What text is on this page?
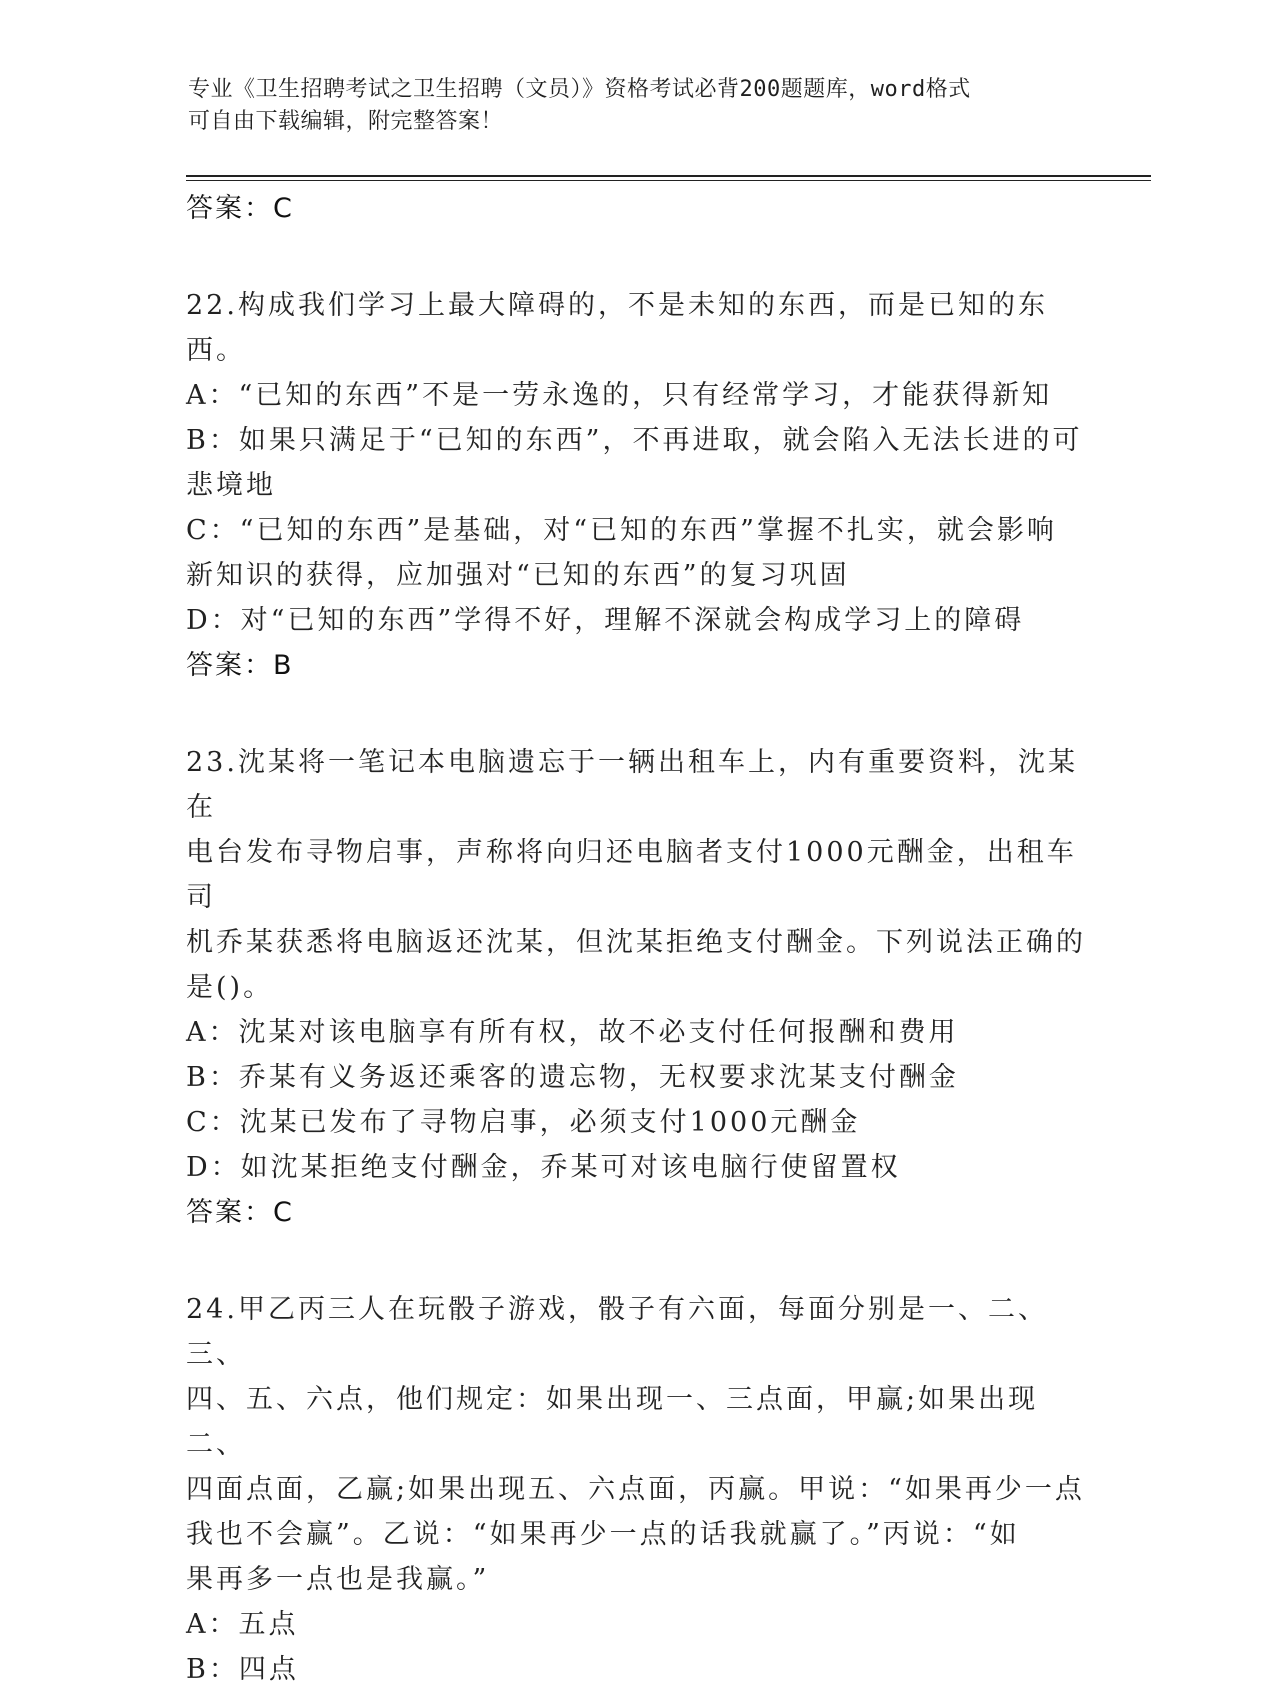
专业《卫生招聘考试之卫生招聘（文员）》资格考试必背200题题库，word格式
可自由下载编辑，附完整答案！

答案：C

22.构成我们学习上最大障碍的，不是未知的东西，而是已知的东西。

A：“已知的东西”不是一劳永逸的，只有经常学习，才能获得新知

B：如果只满足于“已知的东西”，不再进取，就会陷入无法长进的可

悲境地

C：“已知的东西”是基础，对“已知的东西”掌握不扎实，就会影响

新知识的获得，应加强对“已知的东西”的复习巩固

D：对“已知的东西”学得不好，理解不深就会构成学习上的障碍

答案：B

23.沈某将一笔记本电脑遗忘于一辆出租车上，内有重要资料，沈某在

电台发布寻物启事，声称将向归还电脑者支付1000元酬金，出租车司

机乔某获悉将电脑返还沈某，但沈某拒绝支付酬金。下列说法正确的

是()。

A：沈某对该电脑享有所有权，故不必支付任何报酬和费用

B：乔某有义务返还乘客的遗忘物，无权要求沈某支付酬金

C：沈某已发布了寻物启事，必须支付1000元酬金

D：如沈某拒绝支付酬金，乔某可对该电脑行使留置权

答案：C

24.甲乙丙三人在玩骰子游戏，骰子有六面，每面分别是一、二、三、

四、五、六点，他们规定：如果出现一、三点面，甲赢;如果出现二、

四面点面，乙赢;如果出现五、六点面，丙赢。甲说：“如果再少一点

我也不会赢”。乙说：“如果再少一点的话我就赢了。”丙说：“如

果再多一点也是我赢。”

A：五点

B：四点
